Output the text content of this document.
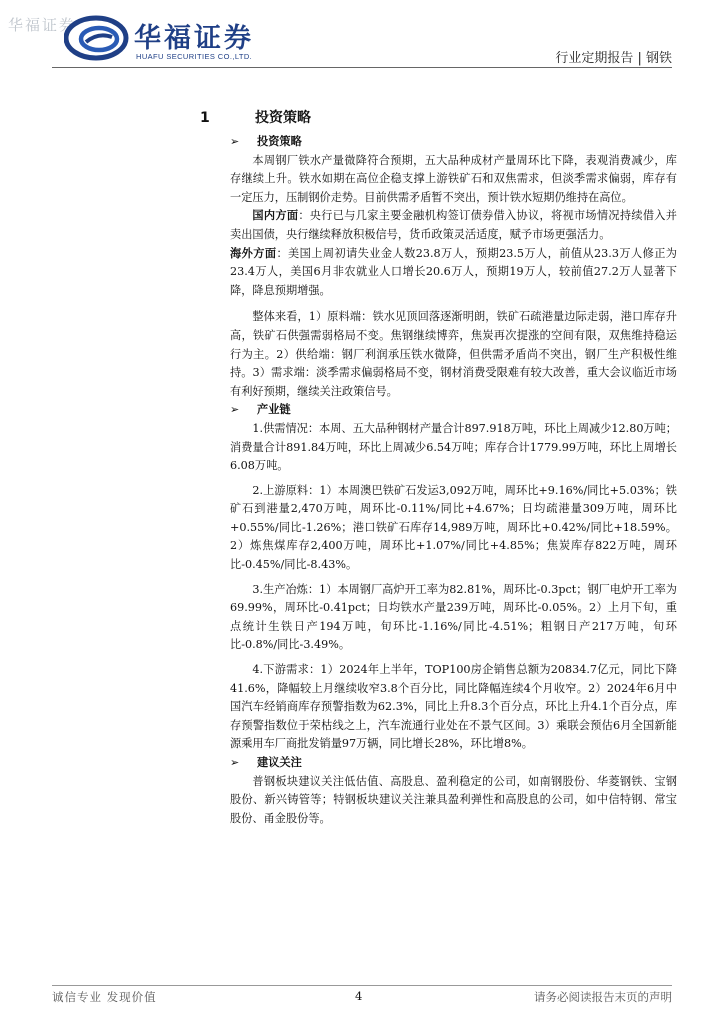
华福证券 华福证券
HUAFU SECURITIES CO.,LTD.	行业定期报告 | 钢铁
1	投资策略
➢	投资策略

本周钢厂铁水产量微降符合预期，五大品种成材产量周环比下降，表观消费减少，库存继续上升。铁水如期在高位企稳支撑上游铁矿石和双焦需求，但淡季需求偏弱，库存有一定压力，压制钢价走势。目前供需矛盾暂不突出，预计铁水短期仍维持在高位。

国内方面：央行已与几家主要金融机构签订债券借入协议，将视市场情况持续借入并卖出国债，央行继续释放积极信号，货币政策灵活适度，赋予市场更强活力。

海外方面：美国上周初请失业金人数23.8万人，预期23.5万人，前值从23.3万人修正为23.4万人，美国6月非农就业人口增长20.6万人，预期19万人，较前值27.2万人显著下降，降息预期增强。

整体来看，1）原料端：铁水见顶回落逐渐明朗，铁矿石疏港量边际走弱，港口库存升高，铁矿石供强需弱格局不变。焦钢继续博弈，焦炭再次提涨的空间有限，双焦维持稳运行为主。2）供给端：钢厂利润承压铁水微降，但供需矛盾尚不突出，钢厂生产积极性维持。3）需求端：淡季需求偏弱格局不变，钢材消费受限难有较大改善，重大会议临近市场有利好预期，继续关注政策信号。

➢	产业链

1.供需情况：本周、五大品种钢材产量合计897.918万吨，环比上周减少12.80万吨；消费量合计891.84万吨，环比上周减少6.54万吨；库存合计1779.99万吨，环比上周增长6.08万吨。

2.上游原料：1）本周澳巴铁矿石发运3,092万吨，周环比+9.16%/同比+5.03%；铁矿石到港量2,470万吨，周环比-0.11%/同比+4.67%；日均疏港量309万吨，周环比+0.55%/同比-1.26%；港口铁矿石库存14,989万吨，周环比+0.42%/同比+18.59%。2）炼焦煤库存2,400万吨，周环比+1.07%/同比+4.85%；焦炭库存822万吨，周环比-0.45%/同比-8.43%。

3.生产冶炼：1）本周钢厂高炉开工率为82.81%，周环比-0.3pct；钢厂电炉开工率为69.99%，周环比-0.41pct；日均铁水产量239万吨，周环比-0.05%。2）上月下旬，重点统计生铁日产194万吨，旬环比-1.16%/同比-4.51%；粗钢日产217万吨，旬环比-0.8%/同比-3.49%。

4.下游需求：1）2024年上半年，TOP100房企销售总额为20834.7亿元，同比下降41.6%，降幅较上月继续收窄3.8个百分比，同比降幅连续4个月收窄。2）2024年6月中国汽车经销商库存预警指数为62.3%，同比上升8.3个百分点，环比上升4.1个百分点，库存预警指数位于荣枯线之上，汽车流通行业处在不景气区间。3）乘联会预估6月全国新能源乘用车厂商批发销量97万辆，同比增长28%，环比增8%。

➢	建议关注

普钢板块建议关注低估值、高股息、盈利稳定的公司，如南钢股份、华菱钢铁、宝钢股份、新兴铸管等；特钢板块建议关注兼具盈利弹性和高股息的公司，如中信特钢、常宝股份、甬金股份等。

诚信专业 发现价值	4	请务必阅读报告末页的声明
